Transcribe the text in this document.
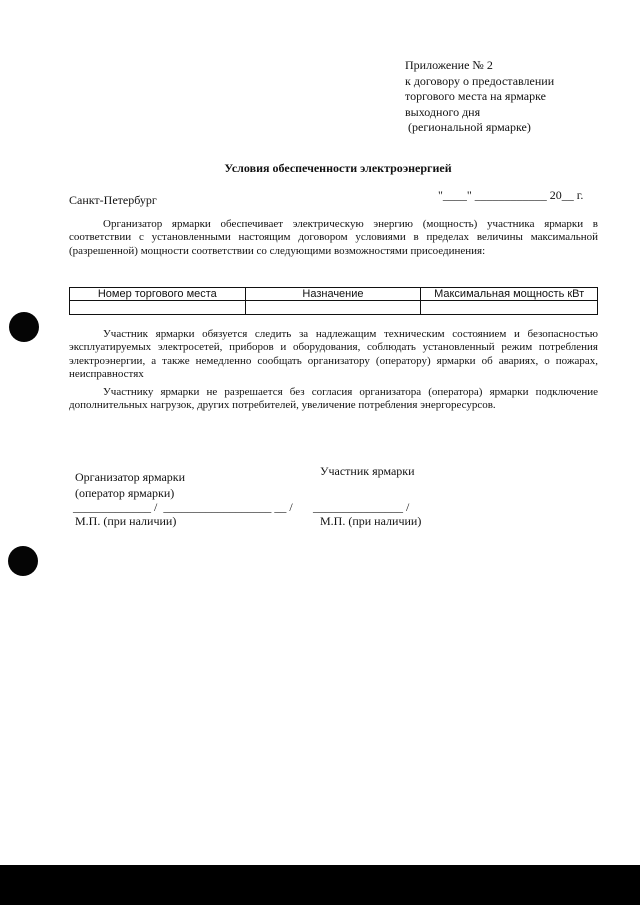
Приложение № 2
к договору о предоставлении
торгового места на ярмарке
выходного дня
(региональной ярмарке)
Условия обеспеченности электроэнергией
Санкт-Петербург	"____" ____________ 20__ г.
Организатор ярмарки обеспечивает электрическую энергию (мощность) участника ярмарки в соответствии с установленными настоящим договором условиями в пределах величины максимальной (разрешенной) мощности соответствии со следующими возможностями присоединения:
Номер торгового места	Назначение	Максимальная мощность кВт

Участник ярмарки обязуется следить за надлежащим техническим состоянием и безопасностью эксплуатируемых электросетей, приборов и оборудования, соблюдать установленный режим потребления электроэнергии, а также немедленно сообщать организатору (оператору) ярмарки об авариях, о пожарах, неисправностях
Участнику ярмарки не разрешается без согласия организатора (оператора) ярмарки подключение дополнительных нагрузок, других потребителей, увеличение потребления энергоресурсов.
Организатор ярмарки
(оператор ярмарки)
Участник ярмарки
_____________ /  __________________ __ / _______________ /
М.П. (при наличии)	М.П. (при наличии)
